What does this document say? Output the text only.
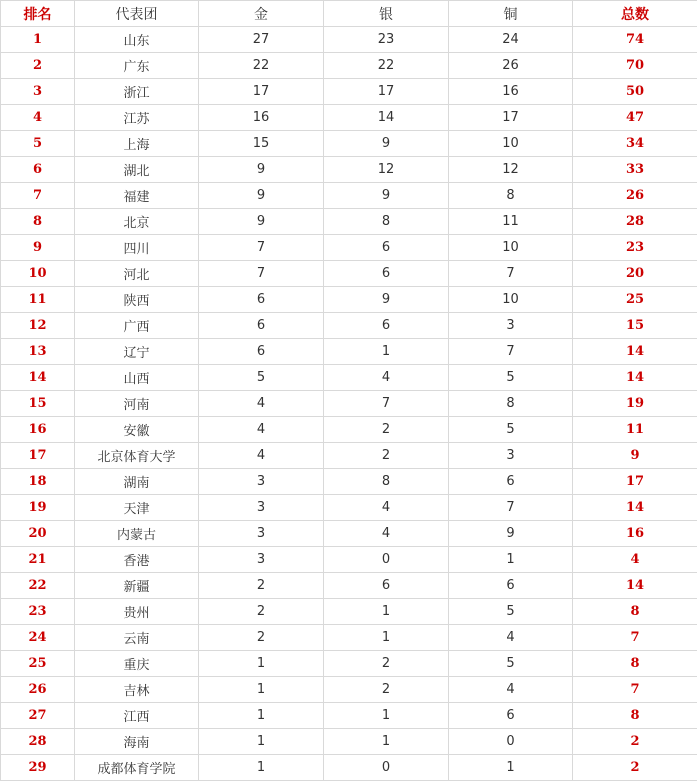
排名	代表团	金	银	铜	总数
1	山东	27	23	24	74
2	广东	22	22	26	70
3	浙江	17	17	16	50
4	江苏	16	14	17	47
5	上海	15	9	10	34
6	湖北	9	12	12	33
7	福建	9	9	8	26
8	北京	9	8	11	28
9	四川	7	6	10	23
10	河北	7	6	7	20
11	陕西	6	9	10	25
12	广西	6	6	3	15
13	辽宁	6	1	7	14
14	山西	5	4	5	14
15	河南	4	7	8	19
16	安徽	4	2	5	11
17	北京体育大学	4	2	3	9
18	湖南	3	8	6	17
19	天津	3	4	7	14
20	内蒙古	3	4	9	16
21	香港	3	0	1	4
22	新疆	2	6	6	14
23	贵州	2	1	5	8
24	云南	2	1	4	7
25	重庆	1	2	5	8
26	吉林	1	2	4	7
27	江西	1	1	6	8
28	海南	1	1	0	2
29	成都体育学院	1	0	1	2
